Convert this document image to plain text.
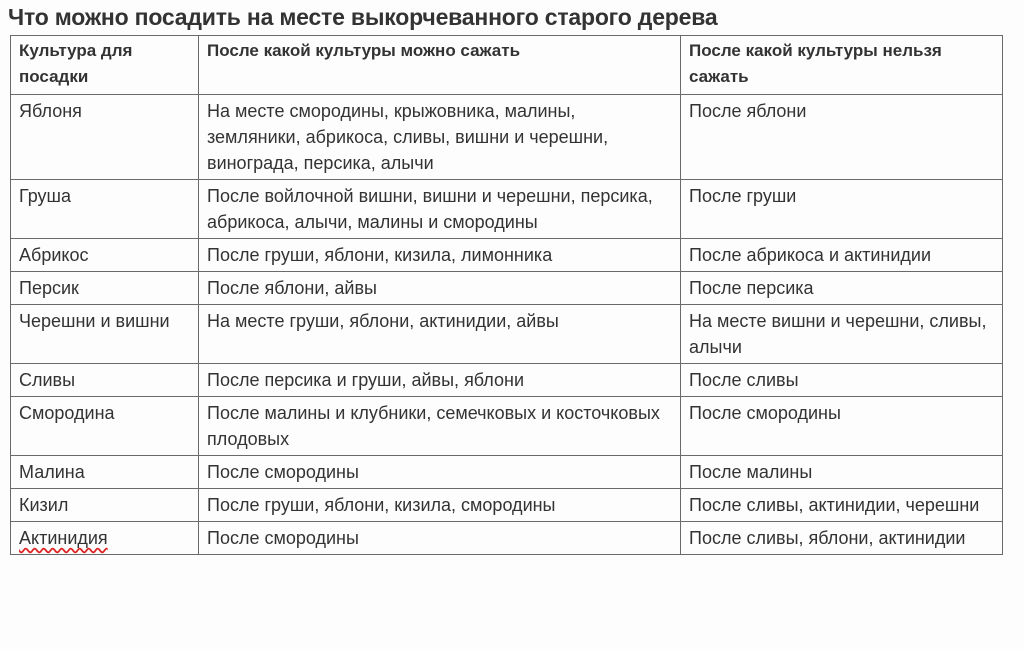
Что можно посадить на месте выкорчеванного старого дерева
Культура для посадки	После какой культуры можно сажать	После какой культуры нельзя сажать
Яблоня	На месте смородины, крыжовника, малины, земляники, абрикоса, сливы, вишни и черешни, винограда, персика, алычи	После яблони
Груша	После войлочной вишни, вишни и черешни, персика, абрикоса, алычи, малины и смородины	После груши
Абрикос	После груши, яблони, кизила, лимонника	После абрикоса и актинидии
Персик	После яблони, айвы	После персика
Черешни и вишни	На месте груши, яблони, актинидии, айвы	На месте вишни и черешни, сливы, алычи
Сливы	После персика и груши, айвы, яблони	После сливы
Смородина	После малины и клубники, семечковых и косточковых плодовых	После смородины
Малина	После смородины	После малины
Кизил	После груши, яблони, кизила, смородины	После сливы, актинидии, черешни
Актинидия	После смородины	После сливы, яблони, актинидии
